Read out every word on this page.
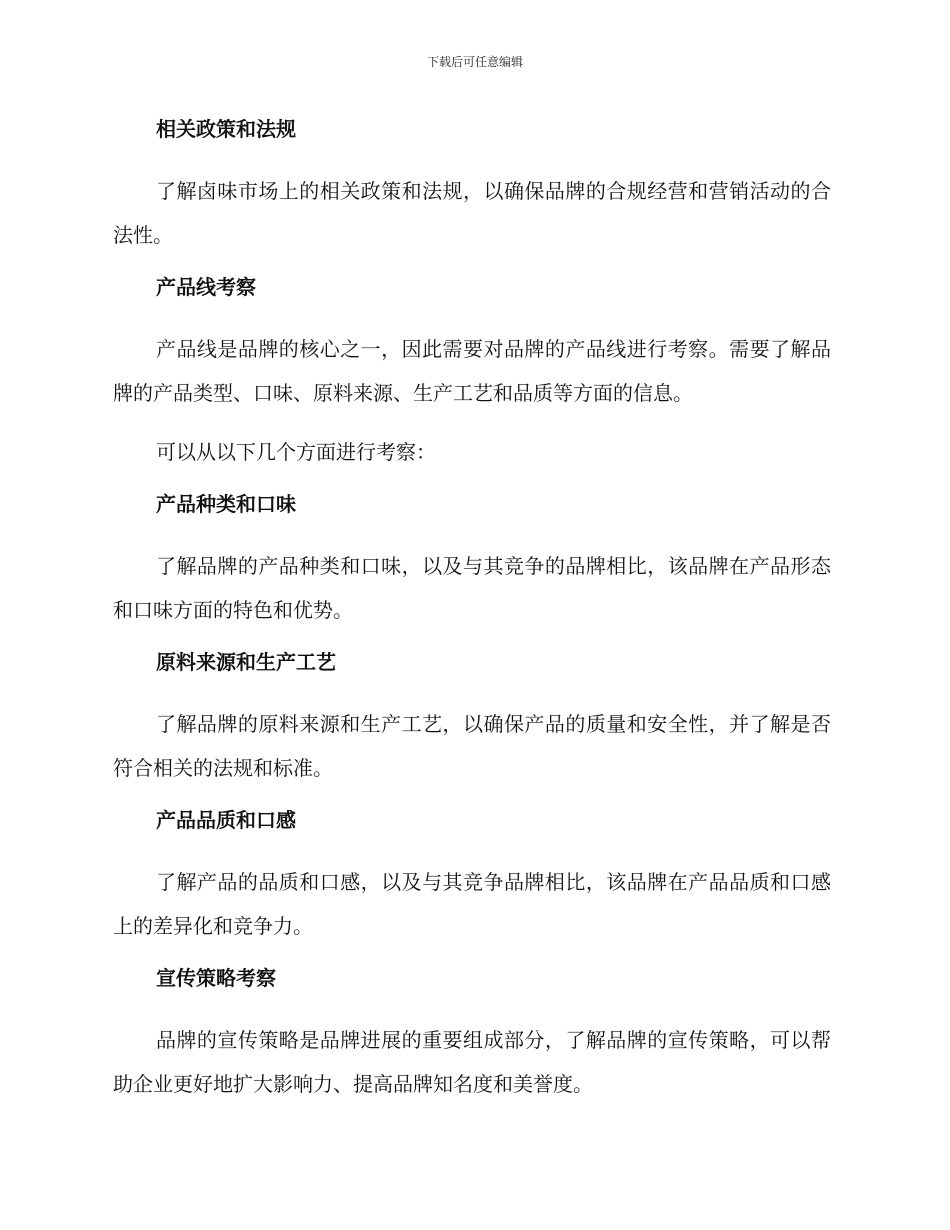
下载后可任意编辑
相关政策和法规

了解卤味市场上的相关政策和法规，以确保品牌的合规经营和营销活动的合法性。

产品线考察

产品线是品牌的核心之一，因此需要对品牌的产品线进行考察。需要了解品牌的产品类型、口味、原料来源、生产工艺和品质等方面的信息。

可以从以下几个方面进行考察：

产品种类和口味

了解品牌的产品种类和口味，以及与其竞争的品牌相比，该品牌在产品形态和口味方面的特色和优势。

原料来源和生产工艺

了解品牌的原料来源和生产工艺，以确保产品的质量和安全性，并了解是否符合相关的法规和标准。

产品品质和口感

了解产品的品质和口感，以及与其竞争品牌相比，该品牌在产品品质和口感上的差异化和竞争力。

宣传策略考察

品牌的宣传策略是品牌进展的重要组成部分，了解品牌的宣传策略，可以帮助企业更好地扩大影响力、提高品牌知名度和美誉度。
